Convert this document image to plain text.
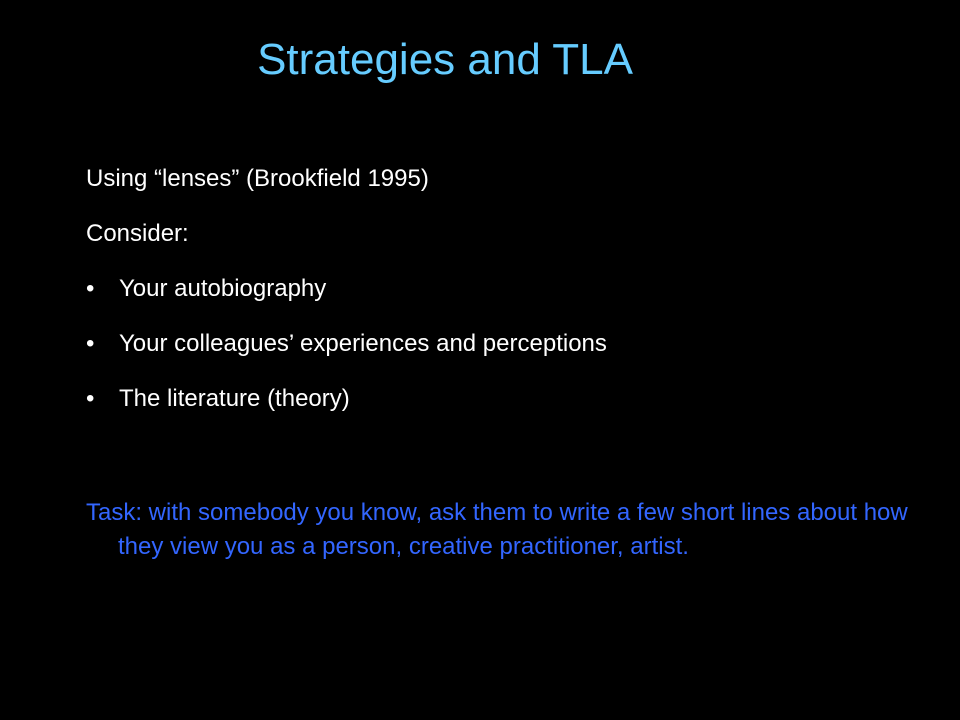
Strategies and TLA
Using “lenses” (Brookfield 1995)
Consider:
• Your autobiography
• Your colleagues’ experiences and perceptions
• The literature (theory)
Task: with somebody you know, ask them to write a few short lines about how they view you as a person, creative practitioner, artist.
